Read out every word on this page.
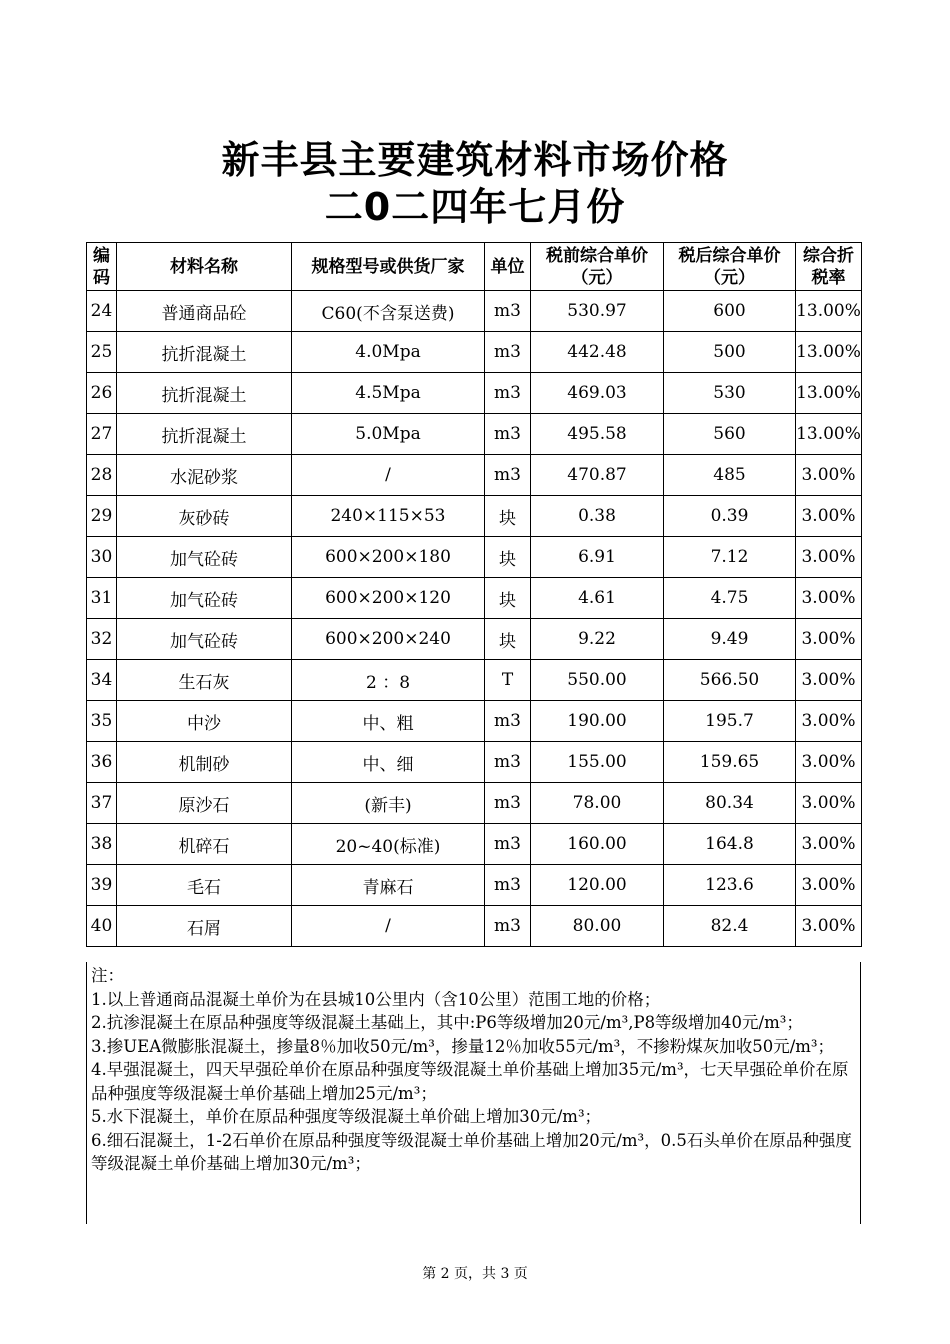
新丰县主要建筑材料市场价格
二0二四年七月份
编码	材料名称	规格型号或供货厂家	单位	税前综合单价（元）	税后综合单价（元）	综合折税率
24	普通商品砼	C60(不含泵送费)	m3	530.97	600	13.00%
25	抗折混凝土	4.0Mpa	m3	442.48	500	13.00%
26	抗折混凝土	4.5Mpa	m3	469.03	530	13.00%
27	抗折混凝土	5.0Mpa	m3	495.58	560	13.00%
28	水泥砂浆	/	m3	470.87	485	3.00%
29	灰砂砖	240×115×53	块	0.38	0.39	3.00%
30	加气砼砖	600×200×180	块	6.91	7.12	3.00%
31	加气砼砖	600×200×120	块	4.61	4.75	3.00%
32	加气砼砖	600×200×240	块	9.22	9.49	3.00%
34	生石灰	2 ：8	T	550.00	566.50	3.00%
35	中沙	中、粗	m3	190.00	195.7	3.00%
36	机制砂	中、细	m3	155.00	159.65	3.00%
37	原沙石	(新丰)	m3	78.00	80.34	3.00%
38	机碎石	20~40(标准)	m3	160.00	164.8	3.00%
39	毛石	青麻石	m3	120.00	123.6	3.00%
40	石屑	/	m3	80.00	82.4	3.00%
注：
1.以上普通商品混凝土单价为在县城10公里内（含10公里）范围工地的价格；
2.抗渗混凝土在原品种强度等级混凝土基础上，其中:P6等级增加20元/m³,P8等级增加40元/m³；
3.掺UEA微膨胀混凝土，掺量8％加收50元/m³，掺量12％加收55元/m³，不掺粉煤灰加收50元/m³；
4.早强混凝土，四天早强砼单价在原品种强度等级混凝土单价基础上增加35元/m³，七天早强砼单价在原品种强度等级混凝士单价基础上增加25元/m³；
5.水下混凝土，单价在原品种强度等级混凝土单价础上增加30元/m³；
6.细石混凝土，1-2石单价在原品种强度等级混凝士单价基础上增加20元/m³，0.5石头单价在原品种强度等级混凝土单价基础上增加30元/m³；
第 2 页，共 3 页
